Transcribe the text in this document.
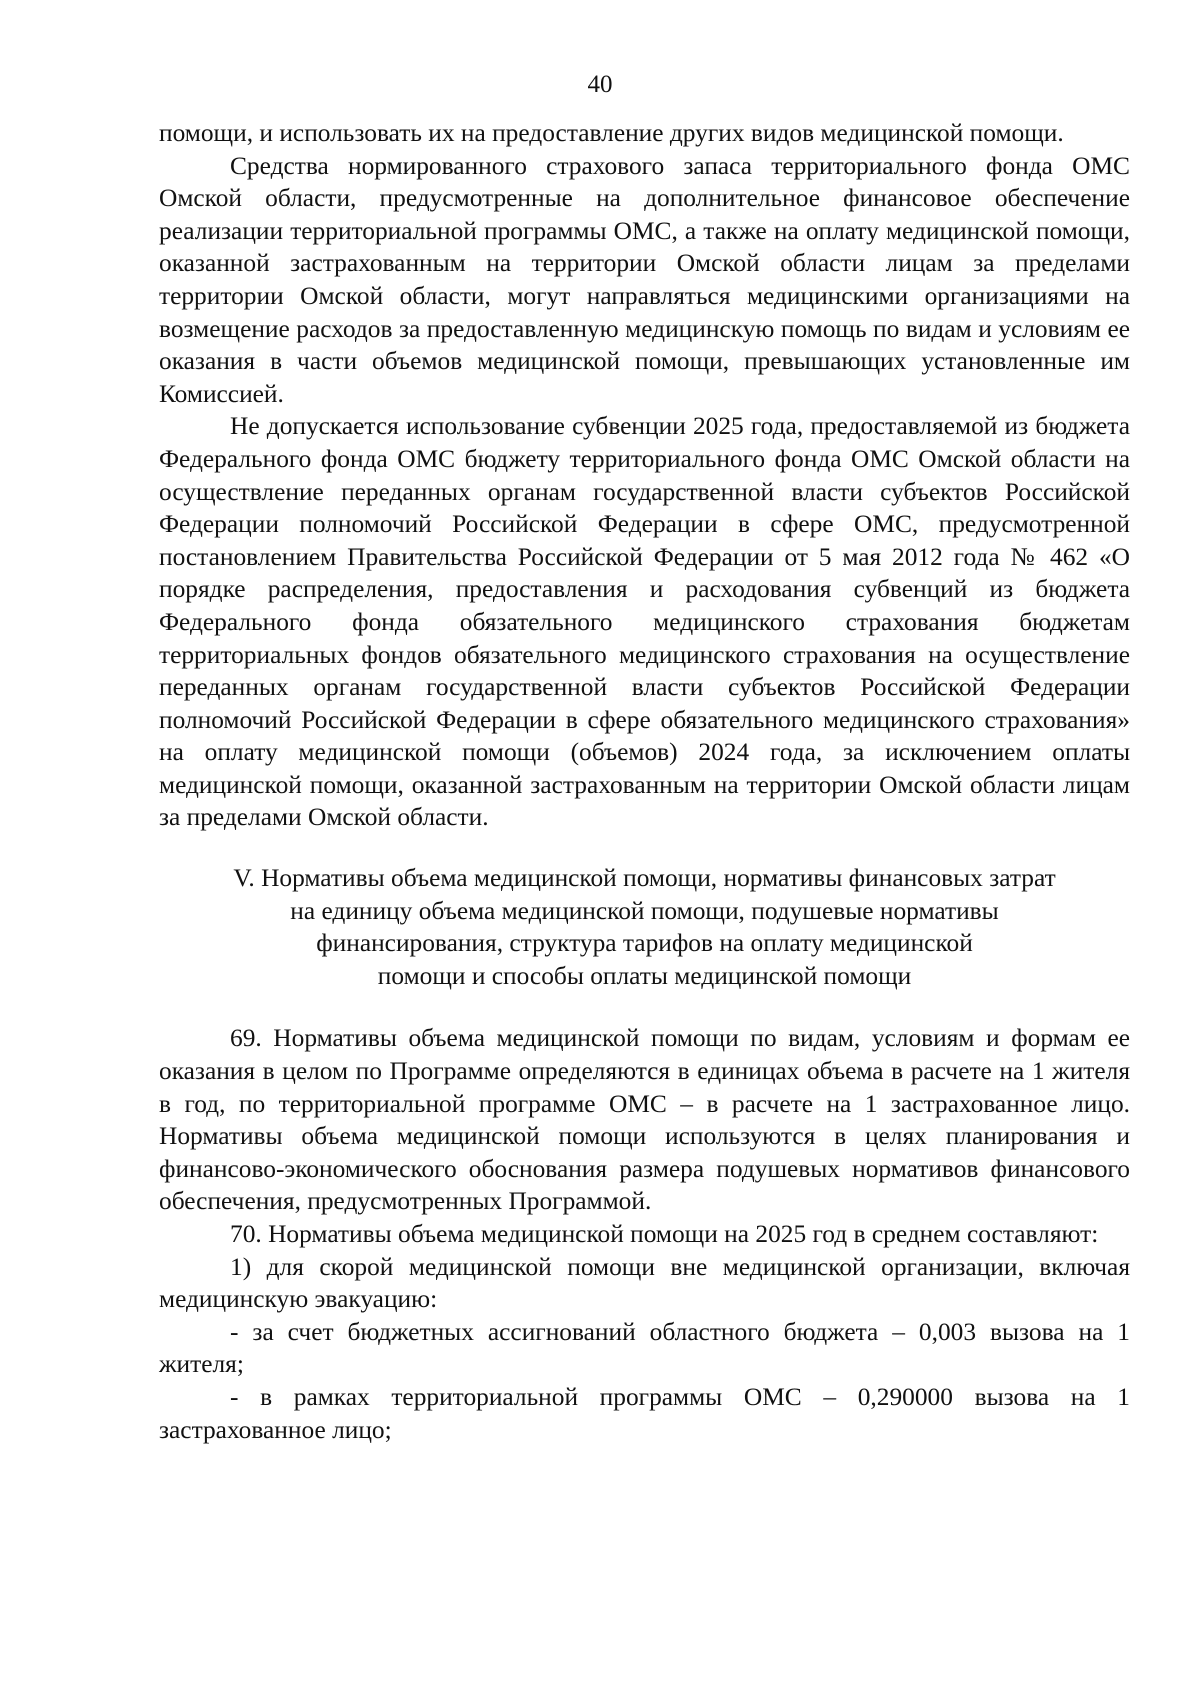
40

помощи, и использовать их на предоставление других видов медицинской помощи.

Средства нормированного страхового запаса территориального фонда ОМС Омской области, предусмотренные на дополнительное финансовое обеспечение реализации территориальной программы ОМС, а также на оплату медицинской помощи, оказанной застрахованным на территории Омской области лицам за пределами территории Омской области, могут направляться медицинскими организациями на возмещение расходов за предоставленную медицинскую помощь по видам и условиям ее оказания в части объемов медицинской помощи, превышающих установленные им Комиссией.

Не допускается использование субвенции 2025 года, предоставляемой из бюджета Федерального фонда ОМС бюджету территориального фонда ОМС Омской области на осуществление переданных органам государственной власти субъектов Российской Федерации полномочий Российской Федерации в сфере ОМС, предусмотренной постановлением Правительства Российской Федерации от 5 мая 2012 года № 462 «О порядке распределения, предоставления и расходования субвенций из бюджета Федерального фонда обязательного медицинского страхования бюджетам территориальных фондов обязательного медицинского страхования на осуществление переданных органам государственной власти субъектов Российской Федерации полномочий Российской Федерации в сфере обязательного медицинского страхования» на оплату медицинской помощи (объемов) 2024 года, за исключением оплаты медицинской помощи, оказанной застрахованным на территории Омской области лицам за пределами Омской области.

V. Нормативы объема медицинской помощи, нормативы финансовых затрат
на единицу объема медицинской помощи, подушевые нормативы
финансирования, структура тарифов на оплату медицинской
помощи и способы оплаты медицинской помощи

69. Нормативы объема медицинской помощи по видам, условиям и формам ее оказания в целом по Программе определяются в единицах объема в расчете на 1 жителя в год, по территориальной программе ОМС – в расчете на 1 застрахованное лицо. Нормативы объема медицинской помощи используются в целях планирования и финансово-экономического обоснования размера подушевых нормативов финансового обеспечения, предусмотренных Программой.

70. Нормативы объема медицинской помощи на 2025 год в среднем составляют:

1) для скорой медицинской помощи вне медицинской организации, включая медицинскую эвакуацию:

- за счет бюджетных ассигнований областного бюджета – 0,003 вызова на 1 жителя;

- в рамках территориальной программы ОМС – 0,290000 вызова на 1 застрахованное лицо;
